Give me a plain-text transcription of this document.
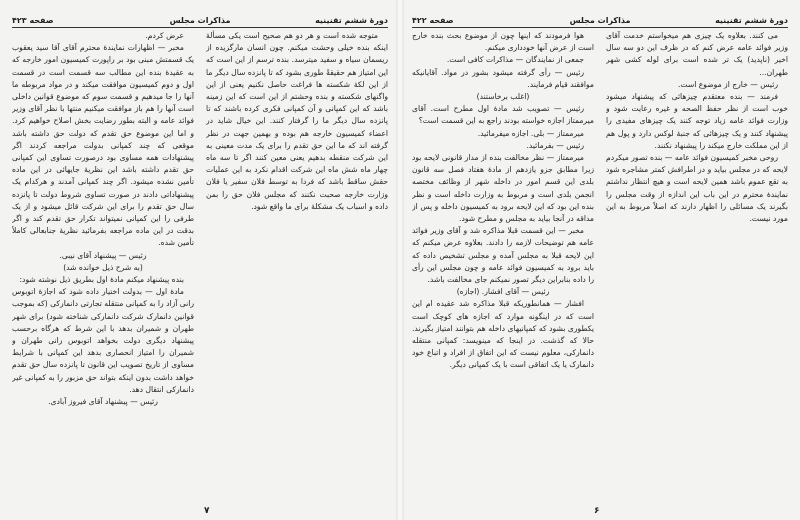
دورهٔ ششم تقنینیه
مذاکرات مجلس
صفحه ۴۲۳

متوجه شده است و هر دو هم صحیح است یکی مسألهٔ اینکه بنده خیلی وحشت میکنم. چون انسان مارگزیده از ریسمان سیاه و سفید میترسد. بنده ترسم از این است که این امتیاز هم حقیقةً طوری بشود که تا پانزده سال دیگر ما از این لکهٔ شکسته ها فراغت حاصل نکنیم یعنی از این واگنهای شکسته و بنده وحشتم از این است که این زمینه باشد که این کمپانی و آن کمپانی فکری کرده باشند که تا پانزده سال دیگر ما را گرفتار کنند. این خیال شاید در اعضاء کمیسیون خارجه هم بوده و بهمین جهت در نظر گرفته اند که ما این حق تقدم را برای یک مدت معینی به این شرکت منقطه بدهیم یعنی معین کنند اگر تا سه ماه چهار ماه شش ماه این شرکت اقدام نکرد به این عملیات حقش ساقط باشد که فردا به توسط فلان سفیر یا فلان وزارت خارجه صحبت نکنند که مجلس فلان حق را بمن داده و اسباب یک مشکلهٔ برای ما واقع شود.

عرض کردم.

مخبر — اظهارات نمایندهٔ محترم آقای آقا سید یعقوب یک قسمتش مبنی بود بر راپورت کمیسیون امور خارجه که به عقیدهٔ بنده این مطالب سه قسمت است در قسمت اول و دوم کمیسیون موافقت میکند و در مواد مربوطه ما آنها را جا میدهیم و قسمت سوم که موضوع قوانین داخلی است آنها را هم باز موافقت میکنیم منتها با نظر آقای وزیر فوائد عامه و البته بطور رضایت بخش اصلاح خواهیم کرد. و اما این موضوع حق تقدم که دولت حق داشته باشد موقعی که چند کمپانی بدولت مراجعه کردند اگر پیشنهادات همه مساوی بود درصورت تساوی این کمپانی حق تقدم داشته باشد این نظریهٔ جایهائی در این ماده تأمین نشده میشود. اگر چند کمپانی آمدند و هرکدام یک پیشنهاداتی دادند در صورت تساوی شروط دولت تا پانزده سال حق تقدم را برای این شرکت قائل میشود و از یک طرفی را این کمپانی نمیتواند تکرار حق تقدم کند و اگر بدقت در این ماده مراجعه بفرمائید نظریهٔ جنابعالی کاملاً تأمین شده.

رئیس — پیشنهاد آقای نیبی.

(به شرح ذیل خوانده شد)

بنده پیشنهاد میکنم مادهٔ اول بطریق ذیل نوشته شود:

مادهٔ اول — بدولت اختیار داده شود که اجازهٔ اتوبوس رانی آزاد را به کمپانی منتقله تجارتی دانمارکی (که بموجب قوانین دانمارک شرکت دانمارکی شناخته شود) برای شهر طهران و شمیران بدهد با این شرط که هرگاه برحسب پیشنهاد دیگری دولت بخواهد اتوبوس رانی طهران و شمیران را امتیاز انحصاری بدهد این کمپانی با شرایط مساوی از تاریخ تصویب این قانون تا پانزده سال حق تقدم خواهد داشت بدون اینکه بتواند حق مزبور را به کمپانی غیر دانمارکی انتقال دهد.

رئیس — پیشنهاد آقای فیروز آبادی.

۷
دورهٔ ششم تقنینیه
مذاکرات مجلس
صفحه ۴۲۲

می کنند. بعلاوه یک چیزی هم میخواستم خدمت آقای وزیر فوائد عامه عرض کنم که در ظرف این دو سه سال اخیر (ناپدید) یک تر شده است برای لوله کشی شهر طهران...

رئیس — خارج از موضوع است.

فرمند — بنده معتقدم چیزهائی که پیشنهاد میشود خوب است از نظر حفظ الصحه و غیره رعایت شود و وزارت فوائد عامه زیاد توجه کنند یک چیزهای مفیدی را پیشنهاد کنند و یک چیزهائی که جنبهٔ لوکس دارد و پول هم از این مملکت خارج میکند را پیشنهاد نکنند.

روحی مخبر کمیسیون فوائد عامه — بنده تصور میکردم لایحه که در مجلس بیاید و در اطرافش کمتر مشاجره شود به تقع عموم باشد همین لایحه است و هیچ انتظار نداشتم نمایندهٔ محترم در این باب این اندازه از وقت مجلس را بگیرند یک مسائلی را اظهار دارند که اصلاً مربوط به این مورد نیست.

هوا فرمودند که اینها چون از موضوع بحث بنده خارج است از عرض آنها خودداری میکنم.

جمعی از نمایندگان — مذاکرات کافی است.

رئیس — رأی گرفته میشود بشور در مواد. آقایانیکه موافقند قیام فرمایند.

(اغلب برخاستند)

رئیس — تصویب شد مادهٔ اول مطرح است. آقای میرممتاز اجازه خواسته بودند راجع به این قسمت است؟

میرممتاز — بلی. اجازه میفرمائید.

رئیس — بفرمائید.

میرممتاز — نظر مخالفت بنده از مدار قانونی لایحه بود زیرا مطابق جزو یازدهم از مادهٔ هفتاد فصل سه قانون بلدی این قسم امور در داخله شهر از وظائف مختصه انجمن بلدی است و مربوط به وزارت داخله است و نظر بنده این بود که این لایحه برود به کمیسیون داخله و پس از مداقه در آنجا بیاید به مجلس و مطرح شود.

مخبر — این قسمت قبلا مذاکره شد و آقای وزیر فوائد عامه هم توضیحات لازمه را دادند. بعلاوه عرض میکنم که این لایحه قبلا به مجلس آمده و مجلس تشخیص داده که باید برود به کمیسیون فوائد عامه و چون مجلس این رأی را داده بنابراین دیگر تصور نمیکنم جای مخالفت باشد.

رئیس — آقای افشار. (اجازه)

افشار — همانطوریکه قبلا مذاکره شد عقیده ام این است که در اینگونه موارد که اجازه های کوچک است یکطوری بشود که کمپانیهای داخله هم بتوانند امتیاز بگیرند. حالا که گذشت. در اینجا که مینویسد: کمپانی منتقله دانمارکی، معلوم نیست که این اتفاق از افراد و اتباع خود دانمارک یا یک اتفاقی است با یک کمپانی دیگر.

۶
